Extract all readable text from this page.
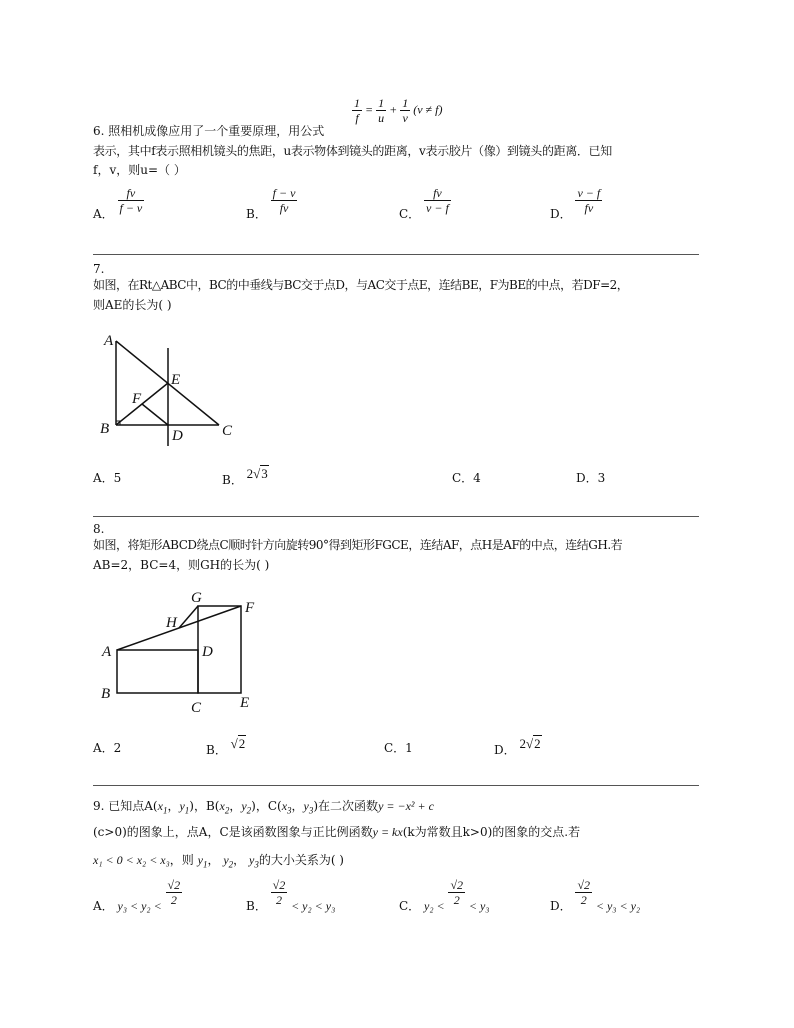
$\frac{1}{f} = \frac{1}{u} + \frac{1}{v} (v \ne f)$
6. 照相机成像应用了一个重要原理，用公式
表示，其中f表示照相机镜头的焦距，u表示物体到镜头的距离，v表示胶片（像）到镜头的距离．已知
f，v，则u=（ ）
A． $\frac{fv}{f - v}$	B． $\frac{f - v}{fv}$	C． $\frac{fv}{v - f}$	D． $\frac{v - f}{fv}$
7.
如图，在Rt△ABC中，BC的中垂线与BC交于点D，与AC交于点E，连结BE，F为BE的中点，若DF=2，
则AE的长为( )
A
B	C
D
E
F
A．5	B． 2√3	C．4	D．3
8.
如图，将矩形ABCD绕点C顺时针方向旋转90°得到矩形FGCE，连结AF，点H是AF的中点，连结GH.若
AB=2，BC=4，则GH的长为( )
G
F
H
A	D
B
C	E
A．2	B． √2	C．1	D． 2√2
9. 已知点$A(x_1$，$y_1$)，$B(x_2$，$y_2$)，$C(x_3$，$y_3$)在二次函数y = −x² + c
(c>0)的图象上，点A，C是该函数图象与正比例函数y = kx(k为常数且k>0)的图象的交点.若
x₁ < 0 < x₂ < x₃，则 $y_1$， $y_2$， $y_3$的大小关系为( )
A． $y_3 < y_2 < \frac{√2}{2}$	B． $\frac{√2}{2} < y_2 < y_3$	C． $y_2 < \frac{√2}{2} < y_3$	D． $\frac{√2}{2} < y_3 < y_2$
